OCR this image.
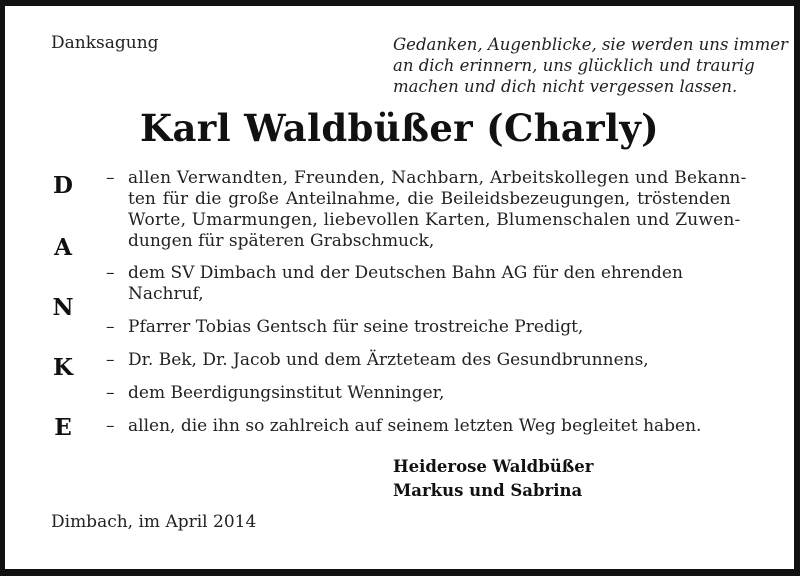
Danksagung	Gedanken, Augenblicke, sie werden uns immer
an dich erinnern, uns glücklich und traurig
machen und dich nicht vergessen lassen.
Karl Waldbüßer (Charly)
D
A
N
K
E
– allen Verwandten, Freunden, Nachbarn, Arbeitskollegen und Bekann-
ten für die große Anteilnahme, die Beileidsbezeugungen, tröstenden
Worte, Umarmungen, liebevollen Karten, Blumenschalen und Zuwen-
dungen für späteren Grabschmuck,
– dem SV Dimbach und der Deutschen Bahn AG für den ehrenden
Nachruf,
– Pfarrer Tobias Gentsch für seine trostreiche Predigt,
– Dr. Bek, Dr. Jacob und dem Ärzteteam des Gesundbrunnens,
– dem Beerdigungsinstitut Wenninger,
– allen, die ihn so zahlreich auf seinem letzten Weg begleitet haben.
Heiderose Waldbüßer
Markus und Sabrina
Dimbach, im April 2014
